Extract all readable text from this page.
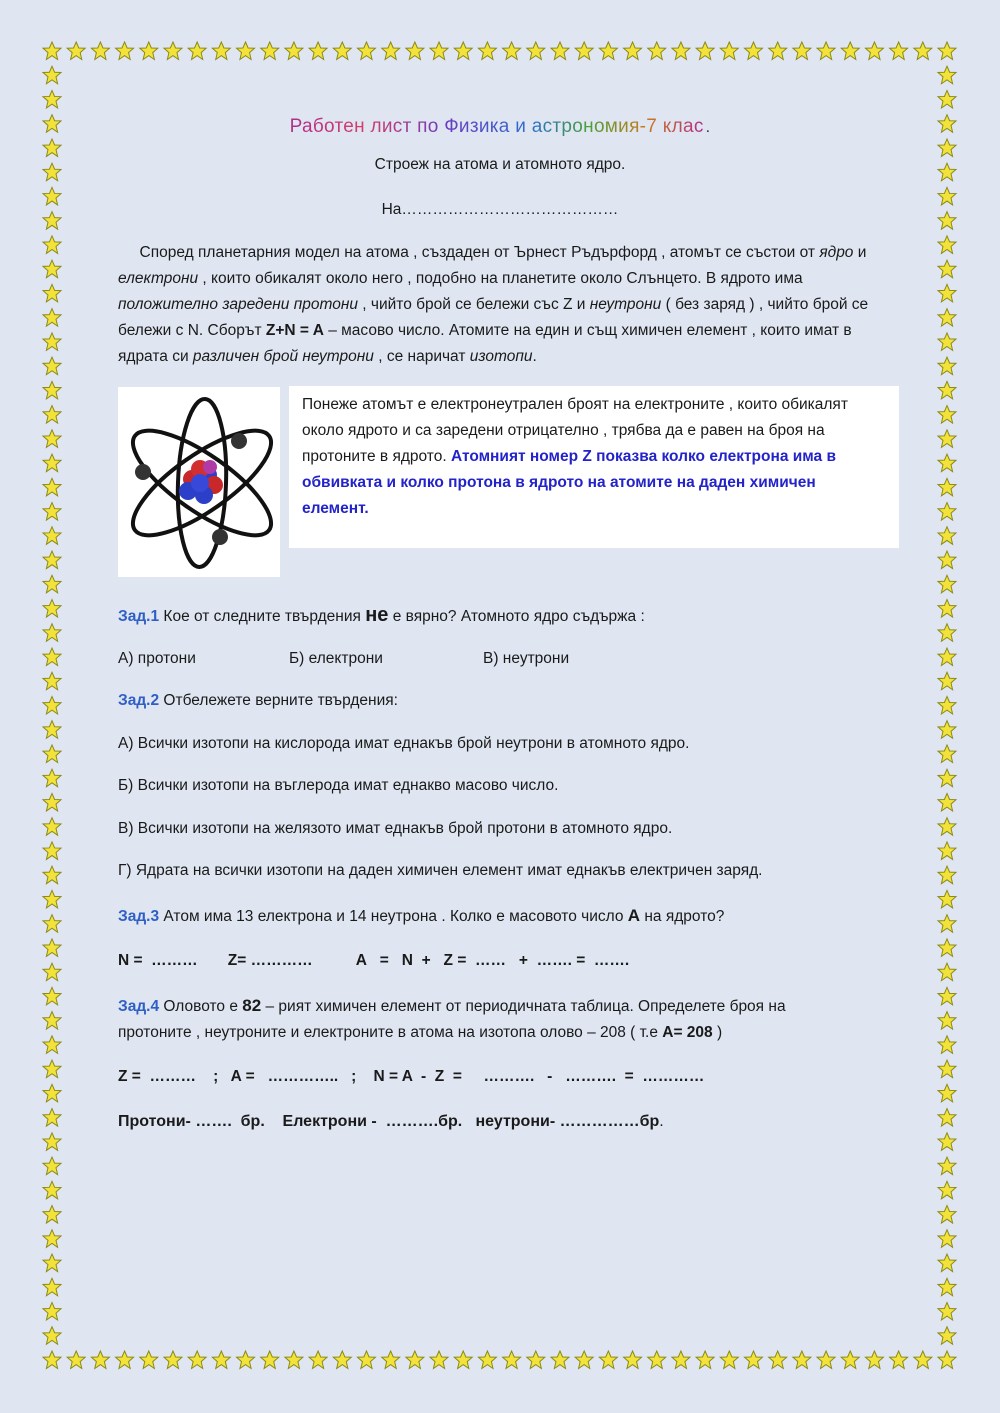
Работен лист по Физика и астрономия-7 клас .
Строеж на атома и атомното ядро.
На……………………………………

Според планетарния модел на атома , създаден от Ърнест Ръдърфорд , атомът се състои от ядро и електрони , които обикалят около него , подобно на планетите около Слънцето. В ядрото има положително заредени протони , чийто брой се бележи със Z и неутрони ( без заряд ) , чийто брой се бележи с N. Сборът Z+N = A – масово число. Атомите на един и същ химичен елемент , които имат в ядрата си различен брой неутрони , се наричат изотопи.

Понеже атомът е електронеутрален броят на електроните , които обикалят около ядрото и са заредени отрицателно , трябва да е равен на броя на протоните в ядрото. Атомният номер Z показва колко електрона има в обвивката и колко протона в ядрото на атомите на даден химичен елемент.
Зад.1 Кое от следните твърдения не е вярно? Атомното ядро съдържа :
А) протони	Б) електрони	В) неутрони
Зад.2 Отбележете верните твърдения:
А) Всички изотопи на кислорода имат еднакъв брой неутрони в атомното ядро.
Б) Всички изотопи на въглерода имат еднакво масово число.
В) Всички изотопи на желязото имат еднакъв брой протони в атомното ядро.
Г) Ядрата на всички изотопи на даден химичен елемент имат еднакъв електричен заряд.
Зад.3 Атом има 13 електрона и 14 неутрона . Колко е масовото число А на ядрото?
N =  ………       Z= …………          А   =   N  +   Z =  ……   +  ……. =  …….
Зад.4 Оловото е 82 – рият химичен елемент от периодичната таблица. Определете броя на
протоните , неутроните и електроните в атома на изотопа олово – 208 ( т.е А= 208 )
Z =  ………    ;   A =   …………..   ;    N = A  -  Z  =     ……….   -   ……….  =  …………
Протони- …….  бр.    Електрони -  ……….бр.   неутрони- ……………бр.
